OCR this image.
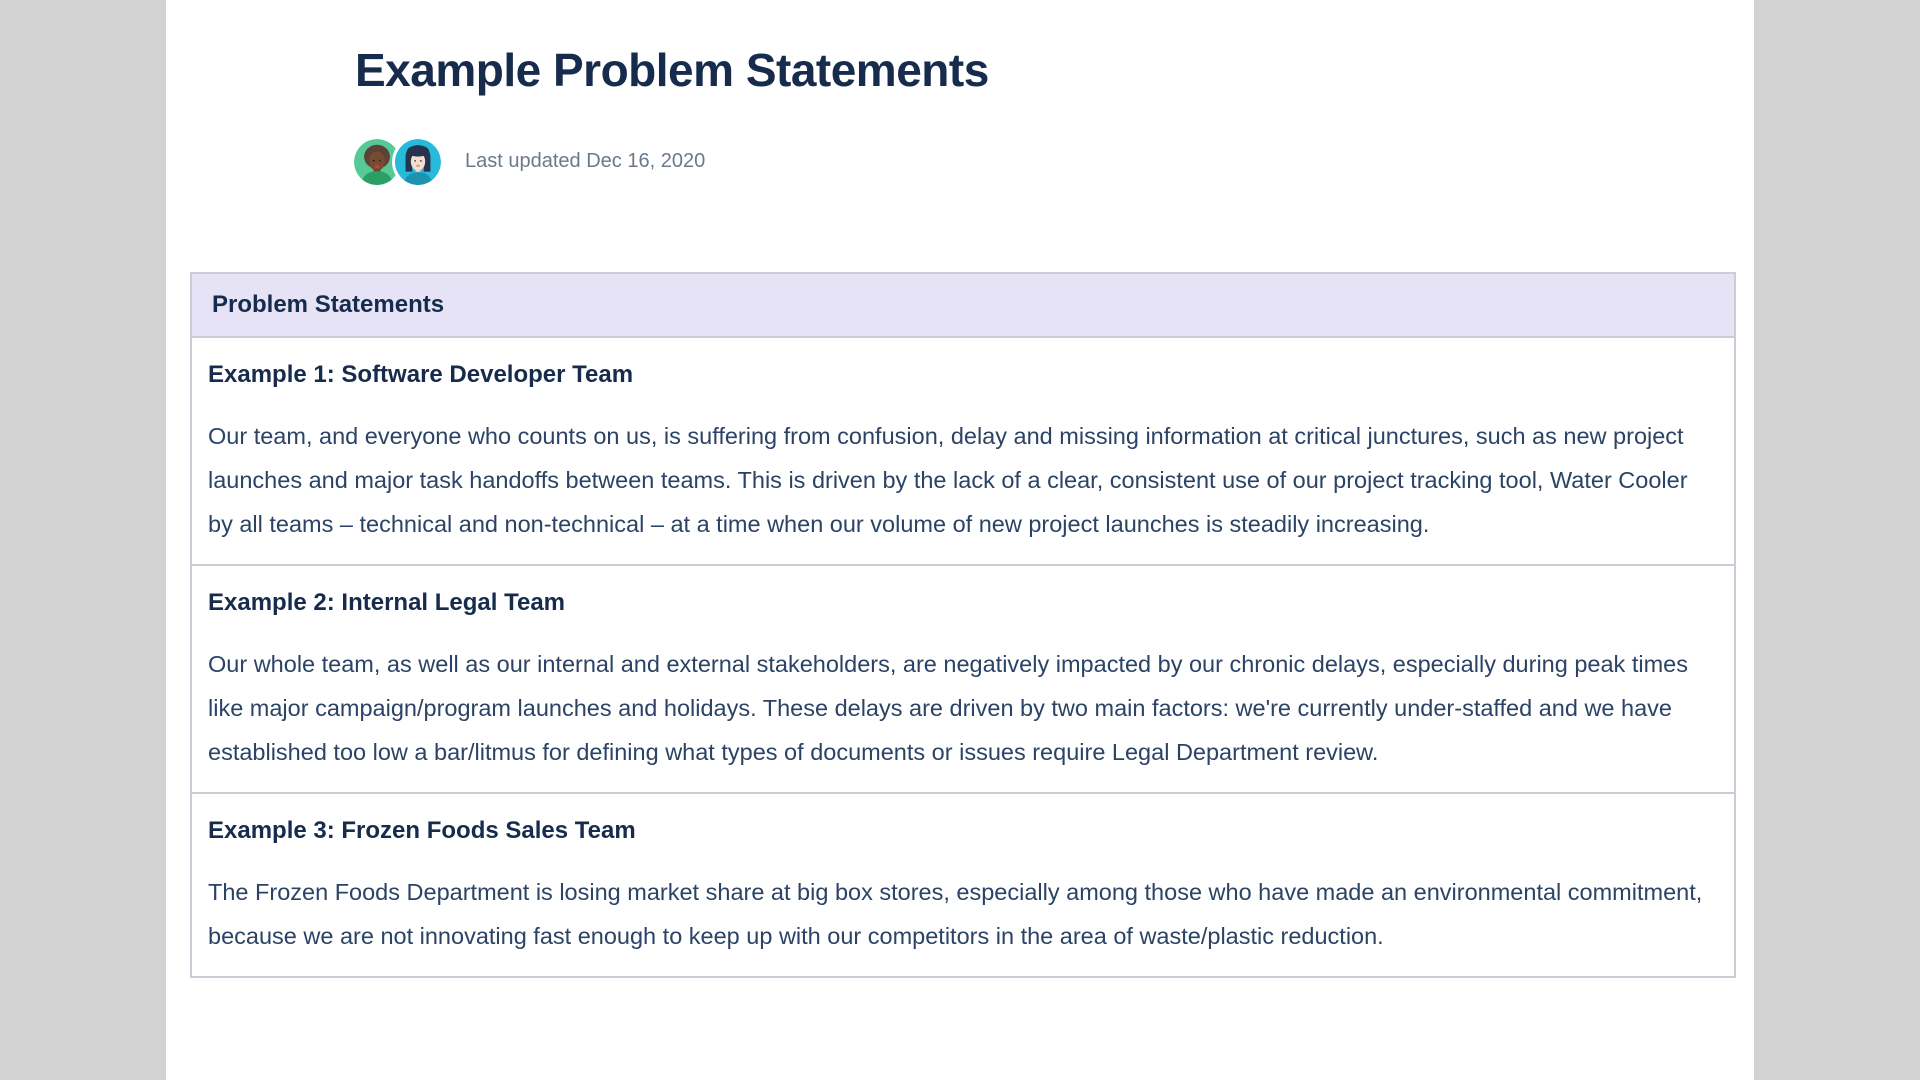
Example Problem Statements
Last updated Dec 16, 2020
Problem Statements

Example 1: Software Developer Team

Our team, and everyone who counts on us, is suffering from confusion, delay and missing information at critical junctures, such as new project launches and major task handoffs between teams. This is driven by the lack of a clear, consistent use of our project tracking tool, Water Cooler by all teams – technical and non-technical – at a time when our volume of new project launches is steadily increasing.

Example 2: Internal Legal Team

Our whole team, as well as our internal and external stakeholders, are negatively impacted by our chronic delays, especially during peak times like major campaign/program launches and holidays. These delays are driven by two main factors: we're currently under-staffed and we have established too low a bar/litmus for defining what types of documents or issues require Legal Department review.

Example 3: Frozen Foods Sales Team

The Frozen Foods Department is losing market share at big box stores, especially among those who have made an environmental commitment, because we are not innovating fast enough to keep up with our competitors in the area of waste/plastic reduction.
